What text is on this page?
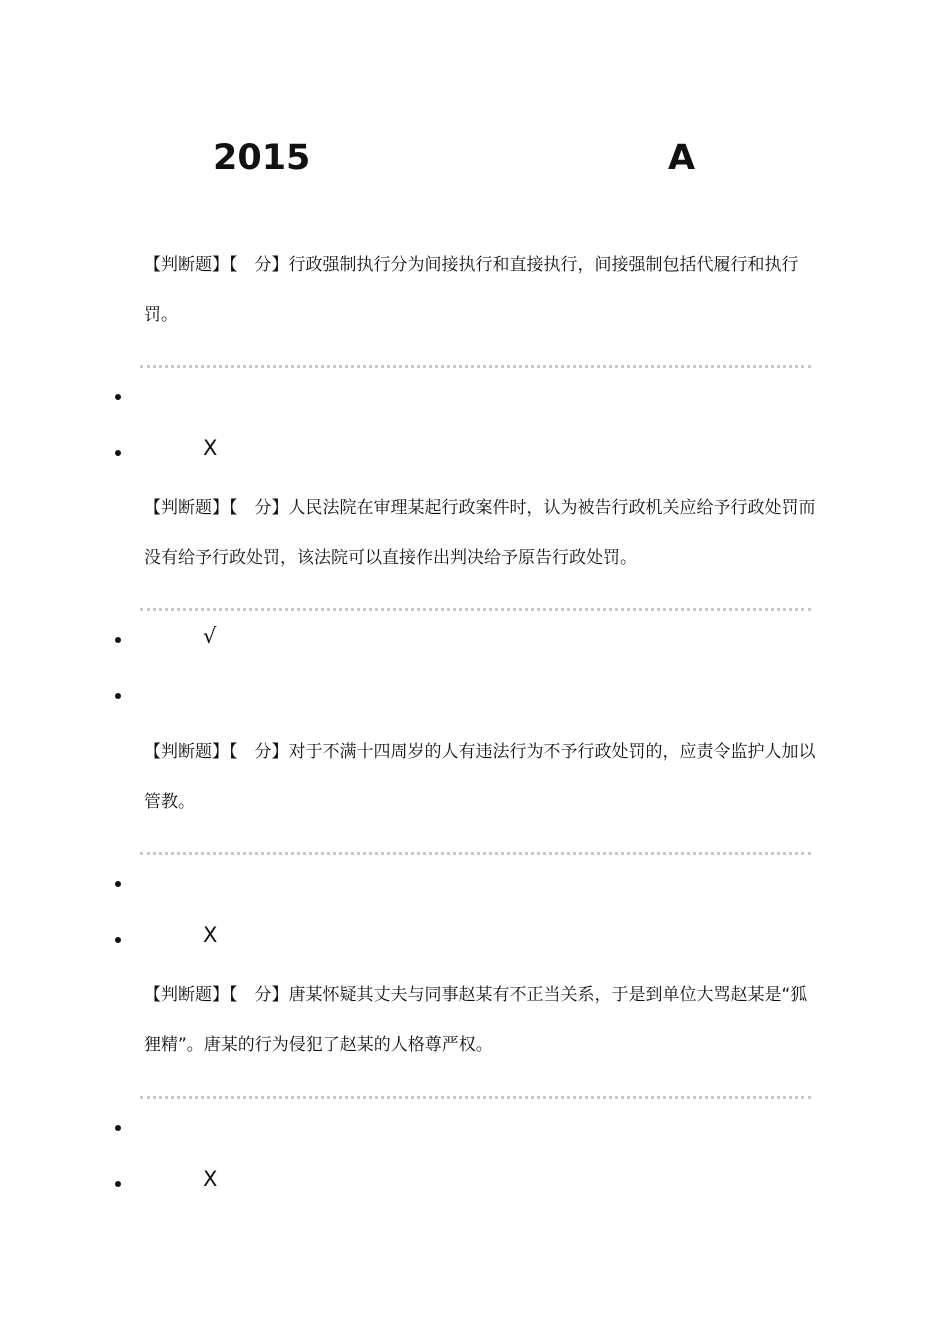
2015	A

【判断题】【　分】行政强制执行分为间接执行和直接执行，间接强制包括代履行和执行罚。

X

【判断题】【　分】人民法院在审理某起行政案件时，认为被告行政机关应给予行政处罚而没有给予行政处罚，该法院可以直接作出判决给予原告行政处罚。

√

【判断题】【　分】对于不满十四周岁的人有违法行为不予行政处罚的，应责令监护人加以管教。

X

【判断题】【　分】唐某怀疑其丈夫与同事赵某有不正当关系，于是到单位大骂赵某是“狐狸精”。唐某的行为侵犯了赵某的人格尊严权。

X
